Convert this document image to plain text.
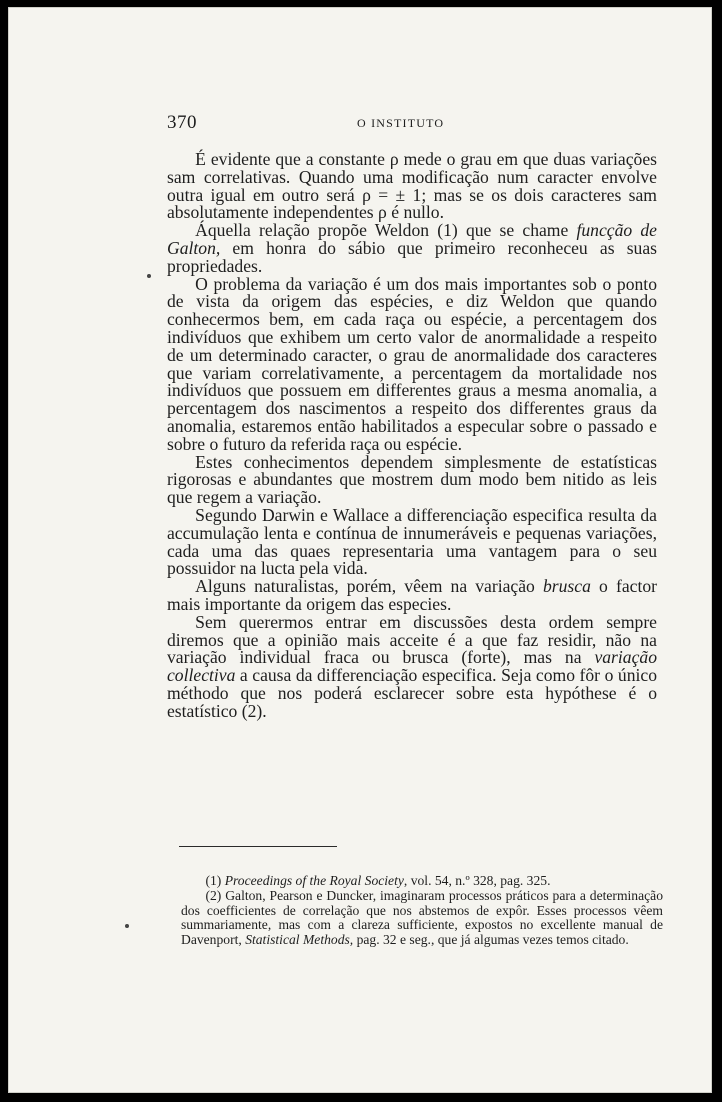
370	O INSTITUTO

É evidente que a constante ρ mede o grau em que duas variações sam correlativas. Quando uma modificação num caracter envolve outra igual em outro será ρ = ± 1; mas se os dois caracteres sam absolutamente independentes ρ é nullo.

Áquella relação propõe Weldon (1) que se chame funcção de Galton, em honra do sábio que primeiro reconheceu as suas propriedades.

O problema da variação é um dos mais importantes sob o ponto de vista da origem das espécies, e diz Weldon que quando conhecermos bem, em cada raça ou espécie, a percentagem dos indivíduos que exhibem um certo valor de anormalidade a respeito de um determinado caracter, o grau de anormalidade dos caracteres que variam correlativamente, a percentagem da mortalidade nos indivíduos que possuem em differentes graus a mesma anomalia, a percentagem dos nascimentos a respeito dos differentes graus da anomalia, estaremos então habilitados a especular sobre o passado e sobre o futuro da referida raça ou espécie.

Estes conhecimentos dependem simplesmente de estatísticas rigorosas e abundantes que mostrem dum modo bem nitido as leis que regem a variação.

Segundo Darwin e Wallace a differenciação especifica resulta da accumulação lenta e contínua de innumeráveis e pequenas variações, cada uma das quaes representaria uma vantagem para o seu possuidor na lucta pela vida.

Alguns naturalistas, porém, vêem na variação brusca o factor mais importante da origem das especies.

Sem querermos entrar em discussões desta ordem sempre diremos que a opinião mais acceite é a que faz residir, não na variação individual fraca ou brusca (forte), mas na variação collectiva a causa da differenciação especifica. Seja como fôr o único méthodo que nos poderá esclarecer sobre esta hypóthese é o estatístico (2).

(1) Proceedings of the Royal Society, vol. 54, n.º 328, pag. 325.

(2) Galton, Pearson e Duncker, imaginaram processos práticos para a determinação dos coefficientes de correlação que nos abstemos de expôr. Esses processos vêem summariamente, mas com a clareza sufficiente, expostos no excellente manual de Davenport, Statistical Methods, pag. 32 e seg., que já algumas vezes temos citado.
